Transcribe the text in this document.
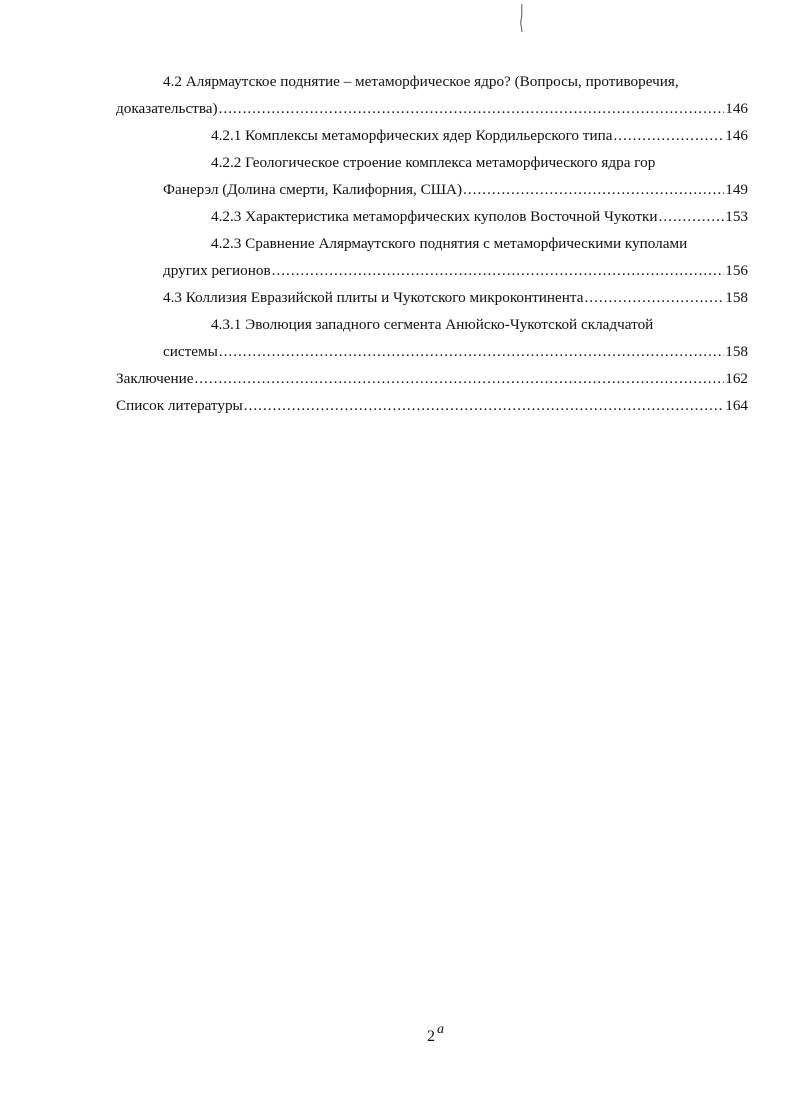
4.2 Алярмаутское поднятие – метаморфическое ядро? (Вопросы, противоречия,
доказательства) .....	146
4.2.1 Комплексы метаморфических ядер Кордильерского типа .....	146
4.2.2 Геологическое строение комплекса метаморфического ядра гор
Фанерэл (Долина смерти, Калифорния, США) .....	149
4.2.3 Характеристика метаморфических куполов Восточной Чукотки .....	153
4.2.3 Сравнение Алярмаутского поднятия с метаморфическими куполами
других регионов .....	156
4.3 Коллизия Евразийской плиты и Чукотского микроконтинента .....	158
4.3.1 Эволюция западного сегмента Анюйско-Чукотской складчатой
системы .....	158
Заключение .....	162
Список литературы .....	164
2 а
